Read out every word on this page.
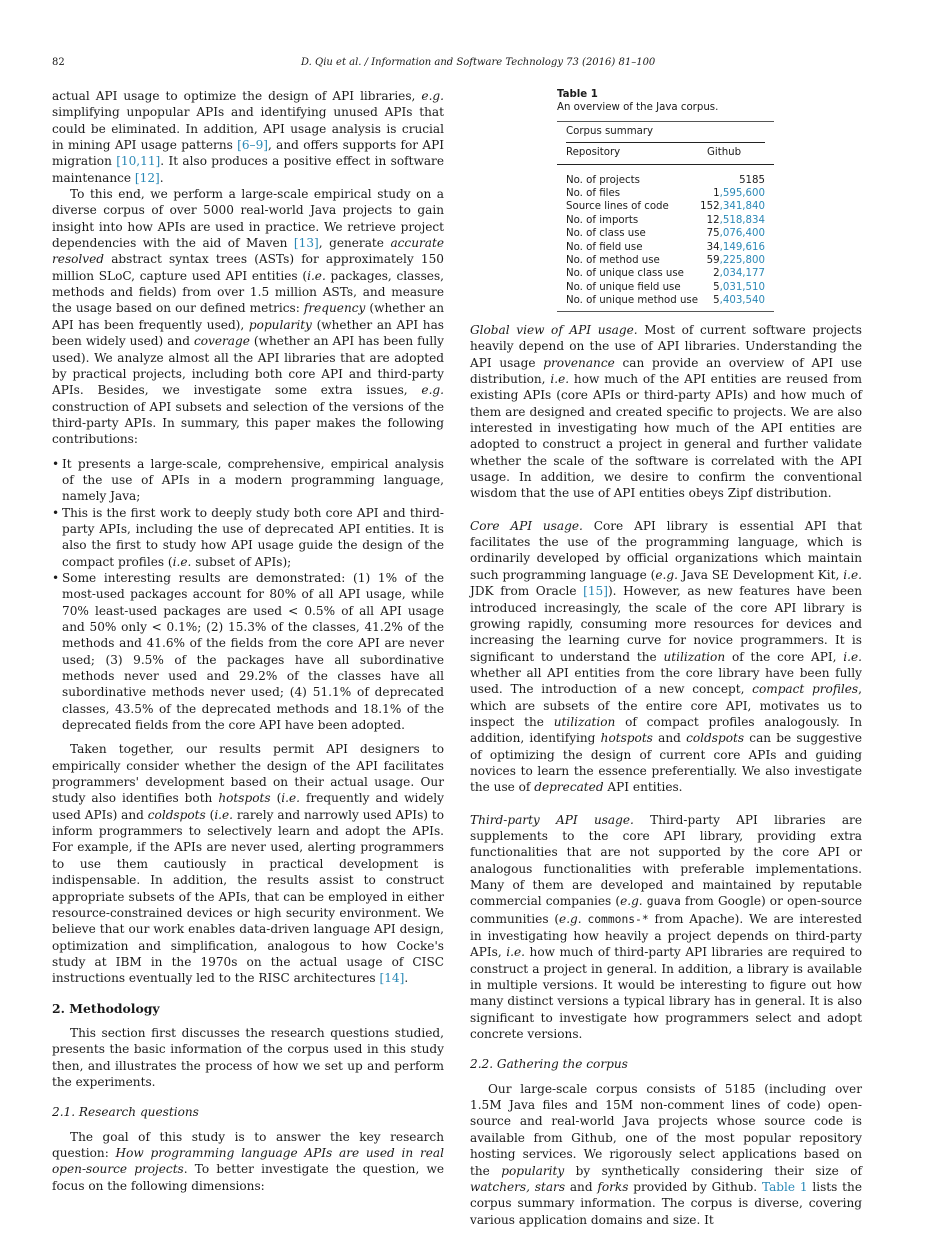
82	D. Qiu et al. / Information and Software Technology 73 (2016) 81–100

actual API usage to optimize the design of API libraries, e.g. simplifying unpopular APIs and identifying unused APIs that could be eliminated. In addition, API usage analysis is crucial in mining API usage patterns [6–9], and offers supports for API migration [10,11]. It also produces a positive effect in software maintenance [12].

To this end, we perform a large-scale empirical study on a diverse corpus of over 5000 real-world Java projects to gain insight into how APIs are used in practice. We retrieve project dependencies with the aid of Maven [13], generate accurate resolved abstract syntax trees (ASTs) for approximately 150 million SLoC, capture used API entities (i.e. packages, classes, methods and fields) from over 1.5 million ASTs, and measure the usage based on our defined metrics: frequency (whether an API has been frequently used), popularity (whether an API has been widely used) and coverage (whether an API has been fully used). We analyze almost all the API libraries that are adopted by practical projects, including both core API and third-party APIs. Besides, we investigate some extra issues, e.g. construction of API subsets and selection of the versions of the third-party APIs. In summary, this paper makes the following contributions:

• It presents a large-scale, comprehensive, empirical analysis of the use of APIs in a modern programming language, namely Java;
• This is the first work to deeply study both core API and third-party APIs, including the use of deprecated API entities. It is also the first to study how API usage guide the design of the compact profiles (i.e. subset of APIs);
• Some interesting results are demonstrated: (1) 1% of the most-used packages account for 80% of all API usage, while 70% least-used packages are used < 0.5% of all API usage and 50% only < 0.1%; (2) 15.3% of the classes, 41.2% of the methods and 41.6% of the fields from the core API are never used; (3) 9.5% of the packages have all subordinative methods never used and 29.2% of the classes have all subordinative methods never used; (4) 51.1% of deprecated classes, 43.5% of the deprecated methods and 18.1% of the deprecated fields from the core API have been adopted.

Taken together, our results permit API designers to empirically consider whether the design of the API facilitates programmers' development based on their actual usage. Our study also identifies both hotspots (i.e. frequently and widely used APIs) and coldspots (i.e. rarely and narrowly used APIs) to inform programmers to selectively learn and adopt the APIs. For example, if the APIs are never used, alerting programmers to use them cautiously in practical development is indispensable. In addition, the results assist to construct appropriate subsets of the APIs, that can be employed in either resource-constrained devices or high security environment. We believe that our work enables data-driven language API design, optimization and simplification, analogous to how Cocke's study at IBM in the 1970s on the actual usage of CISC instructions eventually led to the RISC architectures [14].

2. Methodology

This section first discusses the research questions studied, presents the basic information of the corpus used in this study then, and illustrates the process of how we set up and perform the experiments.

2.1. Research questions

The goal of this study is to answer the key research question: How programming language APIs are used in real open-source projects. To better investigate the question, we focus on the following dimensions:

Table 1
An overview of the Java corpus.
Corpus summary
Repository	Github
No. of projects	5185
No. of files	1,595,600
Source lines of code	152,341,840
No. of imports	12,518,834
No. of class use	75,076,400
No. of field use	34,149,616
No. of method use	59,225,800
No. of unique class use	2,034,177
No. of unique field use	5,031,510
No. of unique method use 5,403,540

Global view of API usage. Most of current software projects heavily depend on the use of API libraries. Understanding the API usage provenance can provide an overview of API use distribution, i.e. how much of the API entities are reused from existing APIs (core APIs or third-party APIs) and how much of them are designed and created specific to projects. We are also interested in investigating how much of the API entities are adopted to construct a project in general and further validate whether the scale of the software is correlated with the API usage. In addition, we desire to confirm the conventional wisdom that the use of API entities obeys Zipf distribution.

Core API usage. Core API library is essential API that facilitates the use of the programming language, which is ordinarily developed by official organizations which maintain such programming language (e.g. Java SE Development Kit, i.e. JDK from Oracle [15]). However, as new features have been introduced increasingly, the scale of the core API library is growing rapidly, consuming more resources for devices and increasing the learning curve for novice programmers. It is significant to understand the utilization of the core API, i.e. whether all API entities from the core library have been fully used. The introduction of a new concept, compact profiles, which are subsets of the entire core API, motivates us to inspect the utilization of compact profiles analogously. In addition, identifying hotspots and coldspots can be suggestive of optimizing the design of current core APIs and guiding novices to learn the essence preferentially. We also investigate the use of deprecated API entities.

Third-party API usage. Third-party API libraries are supplements to the core API library, providing extra functionalities that are not supported by the core API or analogous functionalities with preferable implementations. Many of them are developed and maintained by reputable commercial companies (e.g. guava from Google) or open-source communities (e.g. commons-* from Apache). We are interested in investigating how heavily a project depends on third-party APIs, i.e. how much of third-party API libraries are required to construct a project in general. In addition, a library is available in multiple versions. It would be interesting to figure out how many distinct versions a typical library has in general. It is also significant to investigate how programmers select and adopt concrete versions.

2.2. Gathering the corpus

Our large-scale corpus consists of 5185 (including over 1.5M Java files and 15M non-comment lines of code) open-source and real-world Java projects whose source code is available from Github, one of the most popular repository hosting services. We rigorously select applications based on the popularity by synthetically considering their size of watchers, stars and forks provided by Github. Table 1 lists the corpus summary information. The corpus is diverse, covering various application domains and size. It
